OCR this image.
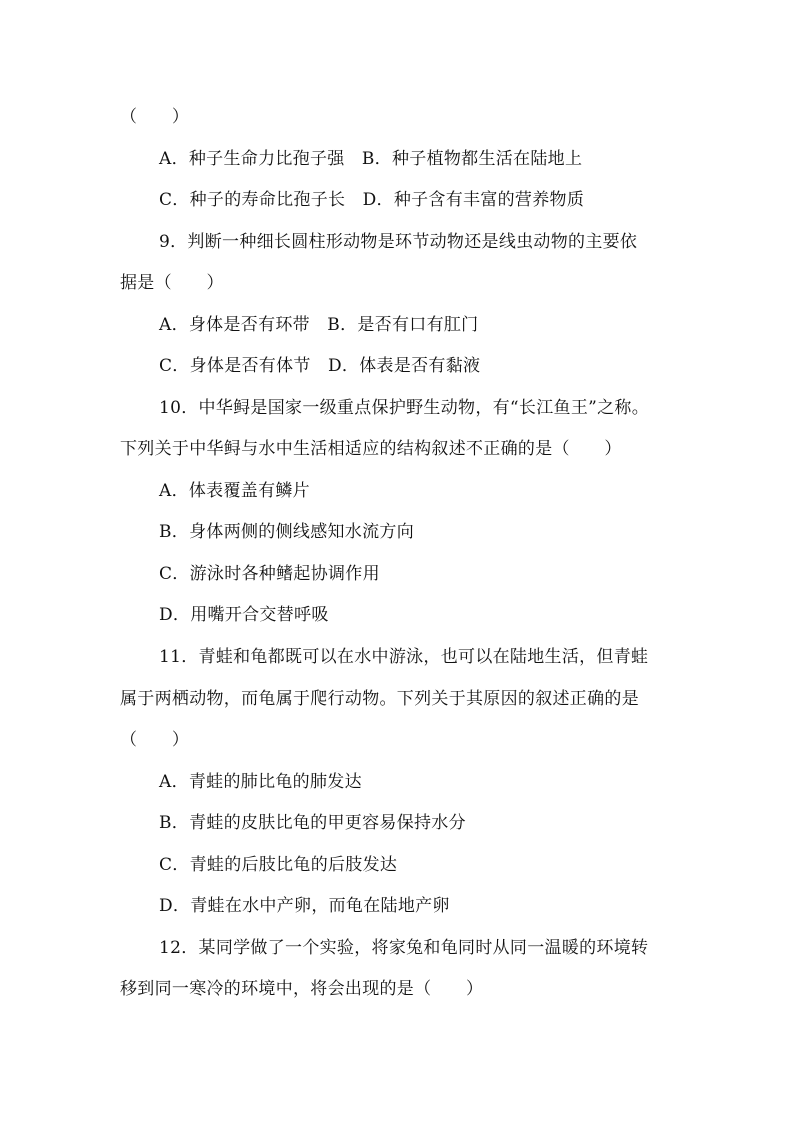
（　　）
A．种子生命力比孢子强　B．种子植物都生活在陆地上
C．种子的寿命比孢子长　D．种子含有丰富的营养物质
9．判断一种细长圆柱形动物是环节动物还是线虫动物的主要依
据是（　　）
A．身体是否有环带　B．是否有口有肛门
C．身体是否有体节　D．体表是否有黏液
10．中华鲟是国家一级重点保护野生动物，有“长江鱼王”之称。
下列关于中华鲟与水中生活相适应的结构叙述不正确的是（　　）
A．体表覆盖有鳞片
B．身体两侧的侧线感知水流方向
C．游泳时各种鳍起协调作用
D．用嘴开合交替呼吸
11．青蛙和龟都既可以在水中游泳，也可以在陆地生活，但青蛙
属于两栖动物，而龟属于爬行动物。下列关于其原因的叙述正确的是
（　　）
A．青蛙的肺比龟的肺发达
B．青蛙的皮肤比龟的甲更容易保持水分
C．青蛙的后肢比龟的后肢发达
D．青蛙在水中产卵，而龟在陆地产卵
12．某同学做了一个实验，将家兔和龟同时从同一温暖的环境转
移到同一寒冷的环境中，将会出现的是（　　）
